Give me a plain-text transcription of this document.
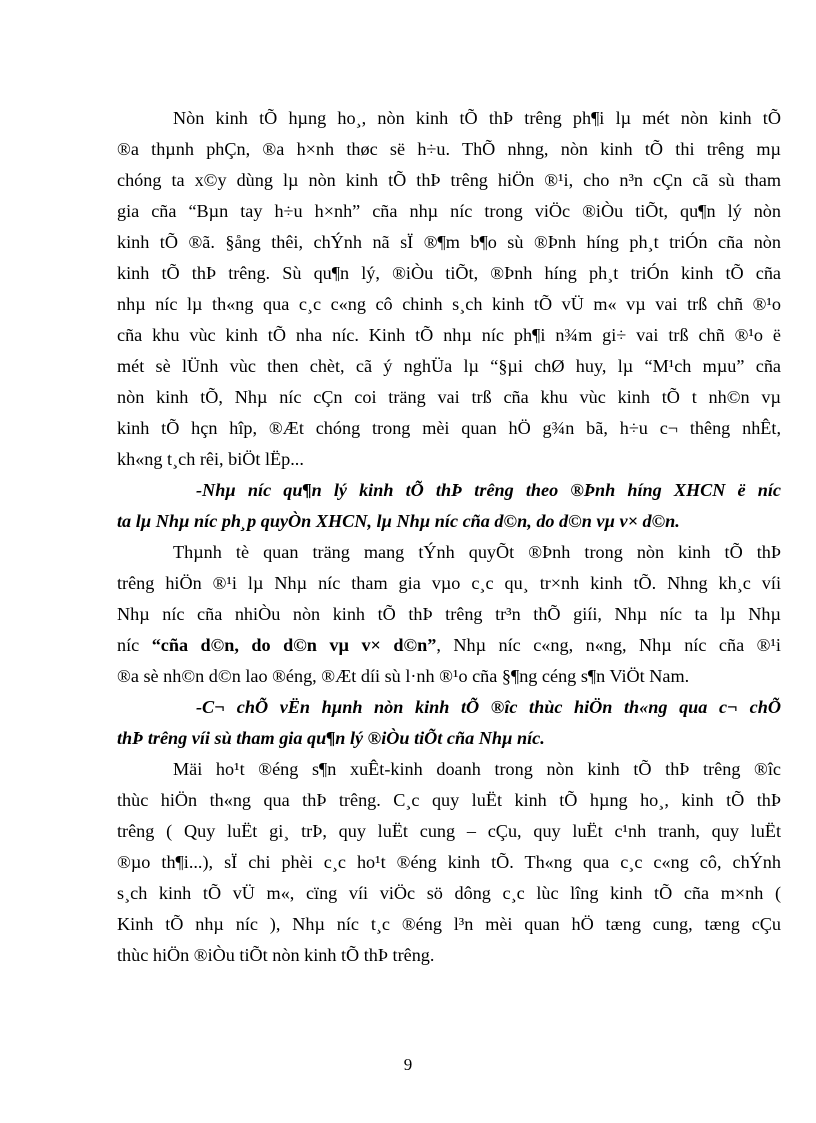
Nòn kinh tÕ hµng ho¸, nòn kinh tÕ thÞ trêng ph¶i lµ mét nòn kinh tÕ
®a thµnh phÇn, ®a h×nh thøc së h÷u. ThÕ nhng, nòn kinh tÕ thi trêng mµ
chóng ta x©y dùng lµ nòn kinh tÕ thÞ trêng hiÖn ®¹i, cho n³n cÇn cã sù tham
gia cña “Bµn tay h÷u h×nh” cña nhµ níc trong viÖc ®iÒu tiÕt, qu¶n lý nòn
kinh tÕ ®ã. §ång thêi, chÝnh nã sÏ ®¶m b¶o sù ®Þnh híng ph¸t triÓn cña nòn
kinh tÕ thÞ trêng. Sù qu¶n lý, ®iÒu tiÕt, ®Þnh híng ph¸t triÓn kinh tÕ cña
nhµ níc lµ th«ng qua c¸c c«ng cô chinh s¸ch kinh tÕ vÜ m« vµ vai trß chñ ®¹o
cña khu vùc kinh tÕ nha níc. Kinh tÕ nhµ níc ph¶i n¾m gi÷ vai trß chñ ®¹o ë
mét sè lÜnh vùc then chèt, cã ý nghÜa lµ “§µi chØ huy, lµ “M¹ch mµu” cña
nòn kinh tÕ, Nhµ níc cÇn coi träng vai trß cña khu vùc kinh tÕ t nh©n vµ
kinh tÕ hçn hîp, ®Æt chóng trong mèi quan hÖ g¾n bã, h÷u c¬ thêng nhÊt,
kh«ng t¸ch rêi, biÖt lËp...
-Nhµ níc qu¶n lý kinh tÕ thÞ trêng theo ®Þnh híng XHCN ë níc
ta lµ Nhµ níc ph¸p quyÒn XHCN, lµ Nhµ níc cña d©n, do d©n vµ v× d©n.
Thµnh tè quan träng mang tÝnh quyÕt ®Þnh trong nòn kinh tÕ thÞ
trêng hiÖn ®¹i lµ Nhµ níc tham gia vµo c¸c qu¸ tr×nh kinh tÕ. Nhng kh¸c víi
Nhµ níc cña nhiÒu nòn kinh tÕ thÞ trêng tr³n thÕ giíi, Nhµ níc ta lµ Nhµ
níc “cña d©n, do d©n vµ v× d©n”, Nhµ níc c«ng, n«ng, Nhµ níc cña ®¹i
®a sè nh©n d©n lao ®éng, ®Æt díi sù l·nh ®¹o cña §¶ng céng s¶n ViÖt Nam.
-C¬ chÕ vËn hµnh nòn kinh tÕ ®îc thùc hiÖn th«ng qua c¬ chÕ
thÞ trêng víi sù tham gia qu¶n lý ®iÒu tiÕt cña Nhµ níc.
Mäi ho¹t ®éng s¶n xuÊt-kinh doanh trong nòn kinh tÕ thÞ trêng ®îc
thùc hiÖn th«ng qua thÞ trêng. C¸c quy luËt kinh tÕ hµng ho¸, kinh tÕ thÞ
trêng ( Quy luËt gi¸ trÞ, quy luËt cung – cÇu, quy luËt c¹nh tranh, quy luËt
®µo th¶i...), sÏ chi phèi c¸c ho¹t ®éng kinh tÕ. Th«ng qua c¸c c«ng cô, chÝnh
s¸ch kinh tÕ vÜ m«, cïng víi viÖc sö dông c¸c lùc lîng kinh tÕ cña m×nh (
Kinh tÕ nhµ níc ), Nhµ níc t¸c ®éng l³n mèi quan hÖ tæng cung, tæng cÇu
thùc hiÖn ®iÒu tiÕt nòn kinh tÕ thÞ trêng.
9
